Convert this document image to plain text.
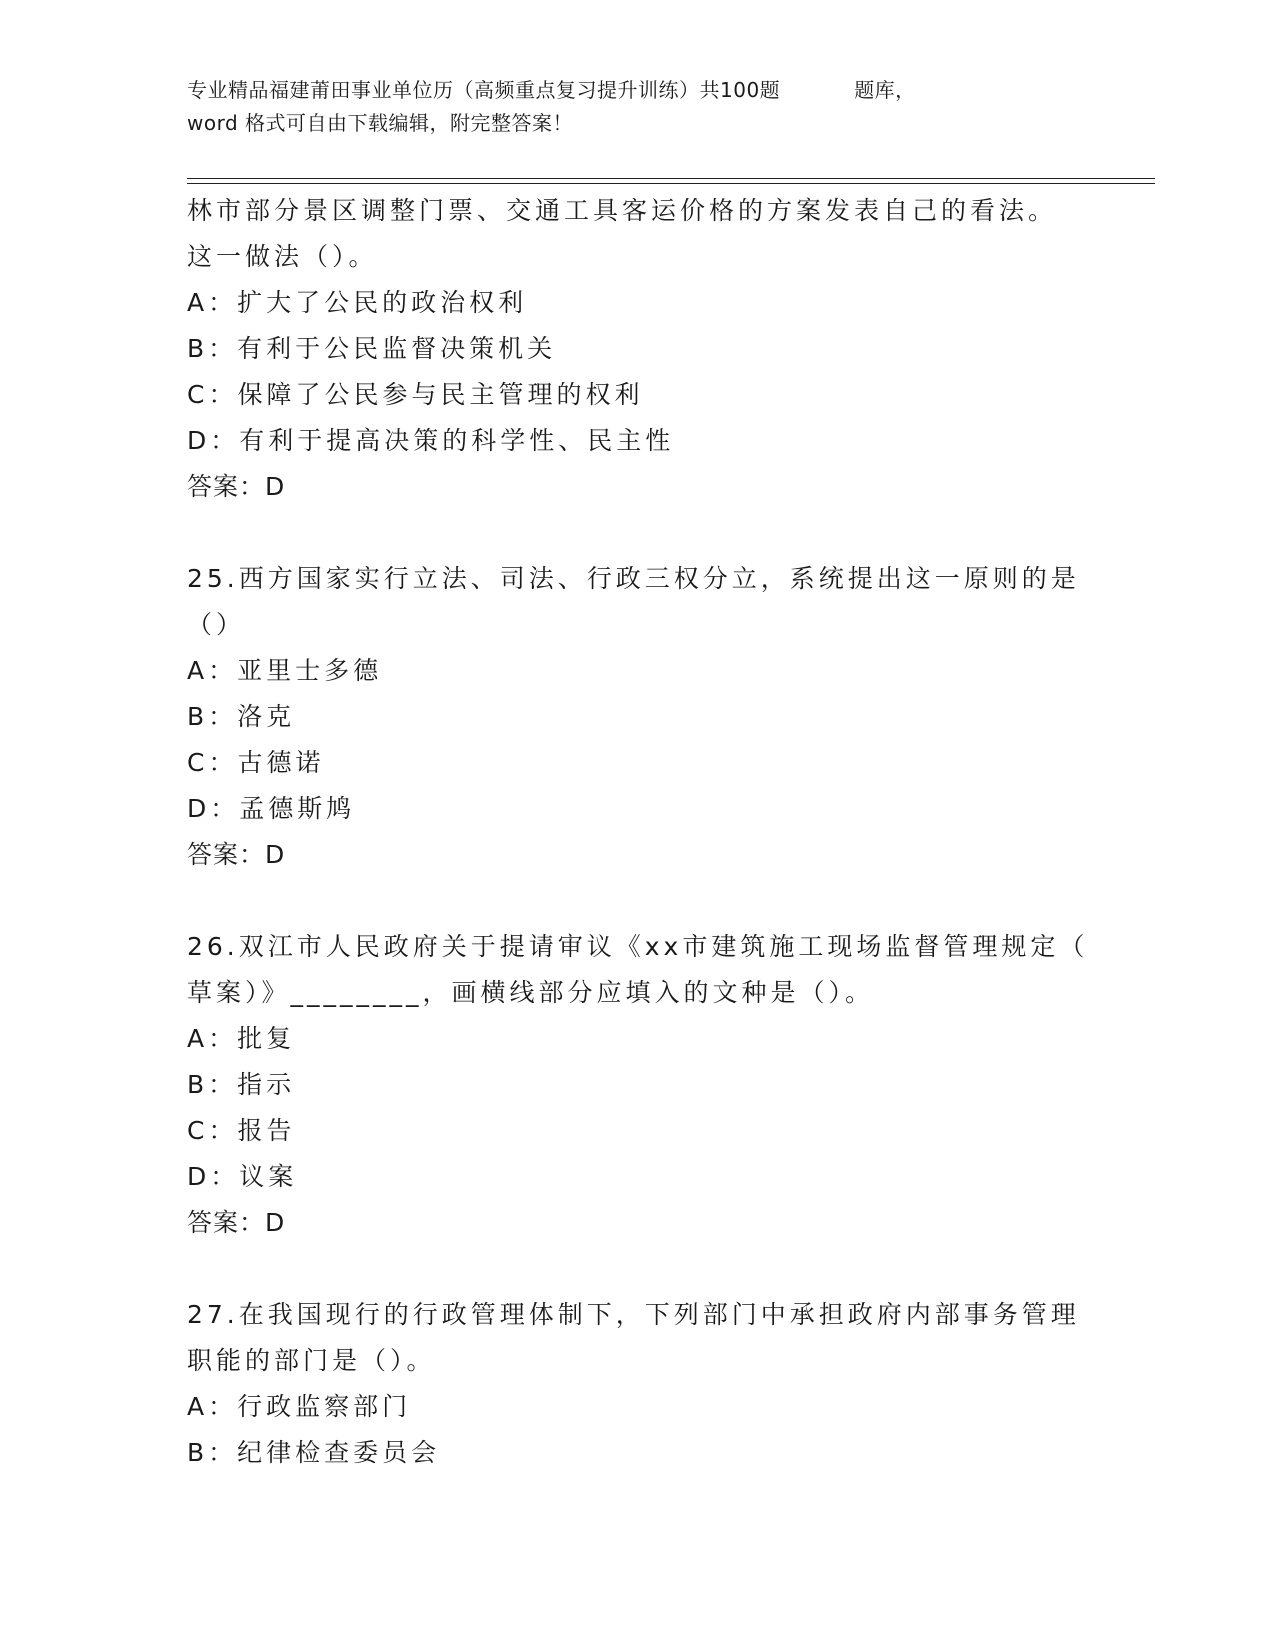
专业精品福建莆田事业单位历（高频重点复习提升训练）共100题	题库，
word 格式可自由下载编辑，附完整答案！

林市部分景区调整门票、交通工具客运价格的方案发表自己的看法。

这一做法（）。

A：扩大了公民的政治权利

B：有利于公民监督决策机关

C：保障了公民参与民主管理的权利

D：有利于提高决策的科学性、民主性

答案：D

25.西方国家实行立法、司法、行政三权分立，系统提出这一原则的是

（）

A：亚里士多德

B：洛克

C：古德诺

D：孟德斯鸠

答案：D

26.双江市人民政府关于提请审议《xx市建筑施工现场监督管理规定（

草案）》________，画横线部分应填入的文种是（）。

A：批复

B：指示

C：报告

D：议案

答案：D

27.在我国现行的行政管理体制下，下列部门中承担政府内部事务管理

职能的部门是（）。

A：行政监察部门

B：纪律检查委员会
